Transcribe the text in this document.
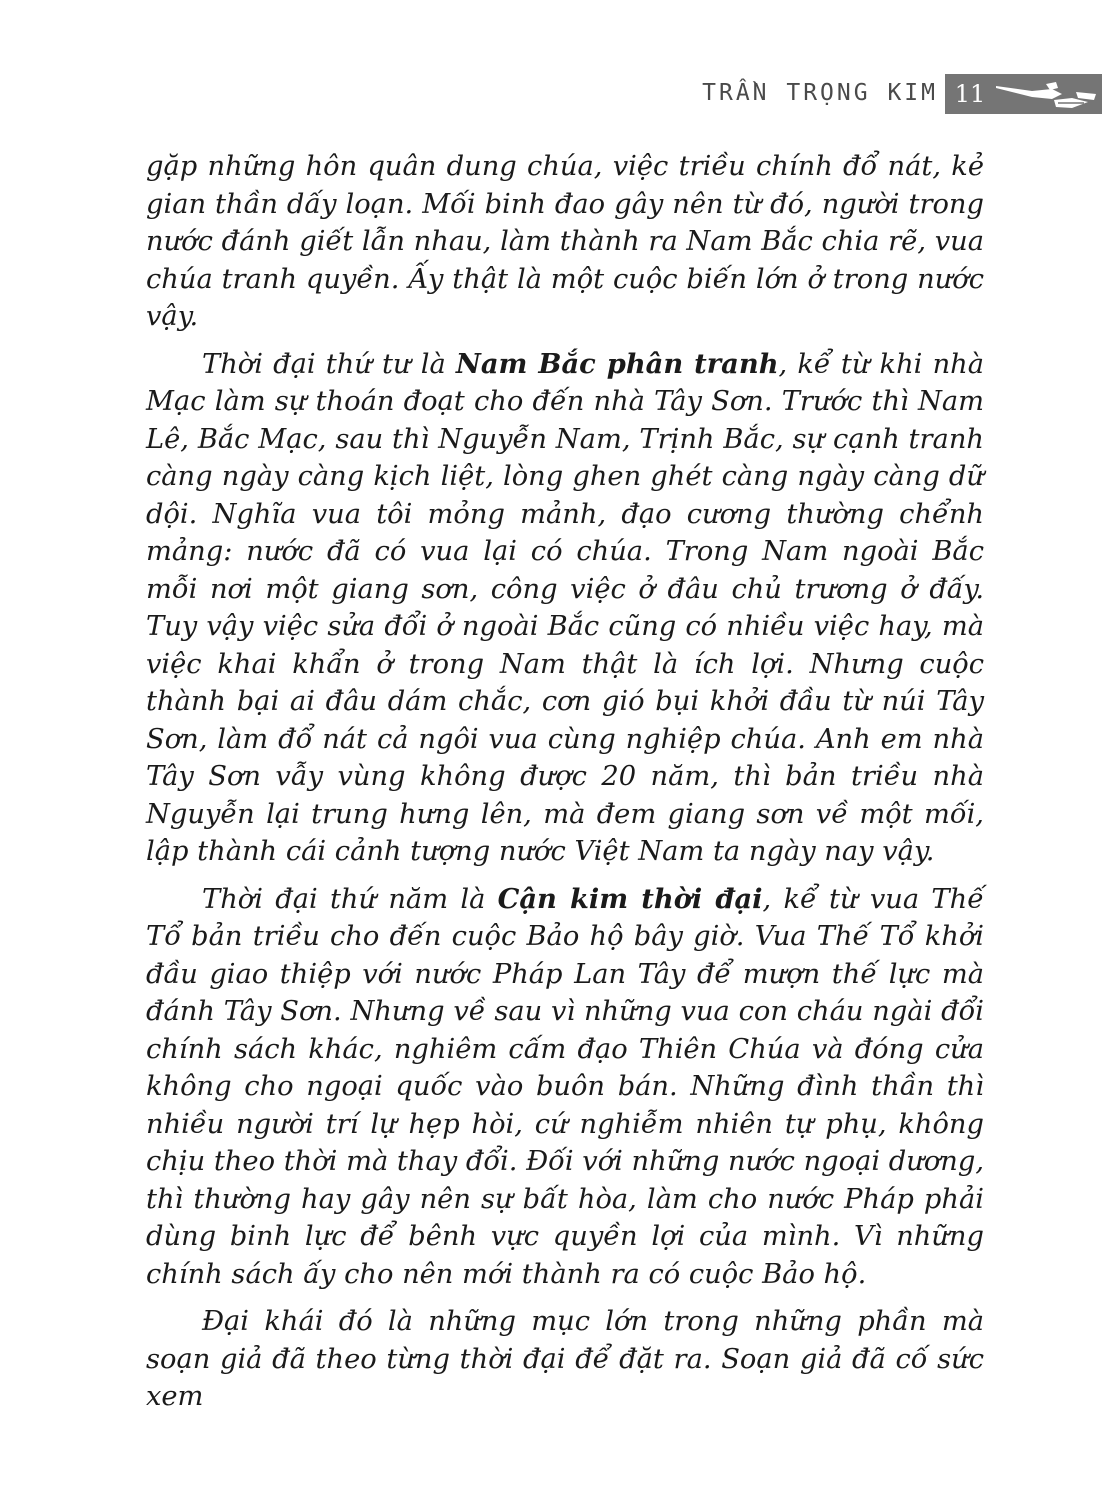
TRẦN TRỌNG KIM 11

gặp những hôn quân dung chúa, việc triều chính đổ nát, kẻ gian thần dấy loạn. Mối binh đao gây nên từ đó, người trong nước đánh giết lẫn nhau, làm thành ra Nam Bắc chia rẽ, vua chúa tranh quyền. Ấy thật là một cuộc biến lớn ở trong nước vậy.

Thời đại thứ tư là Nam Bắc phân tranh, kể từ khi nhà Mạc làm sự thoán đoạt cho đến nhà Tây Sơn. Trước thì Nam Lê, Bắc Mạc, sau thì Nguyễn Nam, Trịnh Bắc, sự cạnh tranh càng ngày càng kịch liệt, lòng ghen ghét càng ngày càng dữ dội. Nghĩa vua tôi mỏng mảnh, đạo cương thường chểnh mảng: nước đã có vua lại có chúa. Trong Nam ngoài Bắc mỗi nơi một giang sơn, công việc ở đâu chủ trương ở đấy. Tuy vậy việc sửa đổi ở ngoài Bắc cũng có nhiều việc hay, mà việc khai khẩn ở trong Nam thật là ích lợi. Nhưng cuộc thành bại ai đâu dám chắc, cơn gió bụi khởi đầu từ núi Tây Sơn, làm đổ nát cả ngôi vua cùng nghiệp chúa. Anh em nhà Tây Sơn vẫy vùng không được 20 năm, thì bản triều nhà Nguyễn lại trung hưng lên, mà đem giang sơn về một mối, lập thành cái cảnh tượng nước Việt Nam ta ngày nay vậy.

Thời đại thứ năm là Cận kim thời đại, kể từ vua Thế Tổ bản triều cho đến cuộc Bảo hộ bây giờ. Vua Thế Tổ khởi đầu giao thiệp với nước Pháp Lan Tây để mượn thế lực mà đánh Tây Sơn. Nhưng về sau vì những vua con cháu ngài đổi chính sách khác, nghiêm cấm đạo Thiên Chúa và đóng cửa không cho ngoại quốc vào buôn bán. Những đình thần thì nhiều người trí lự hẹp hòi, cứ nghiễm nhiên tự phụ, không chịu theo thời mà thay đổi. Đối với những nước ngoại dương, thì thường hay gây nên sự bất hòa, làm cho nước Pháp phải dùng binh lực để bênh vực quyền lợi của mình. Vì những chính sách ấy cho nên mới thành ra có cuộc Bảo hộ.

Đại khái đó là những mục lớn trong những phần mà soạn giả đã theo từng thời đại để đặt ra. Soạn giả đã cố sức xem
